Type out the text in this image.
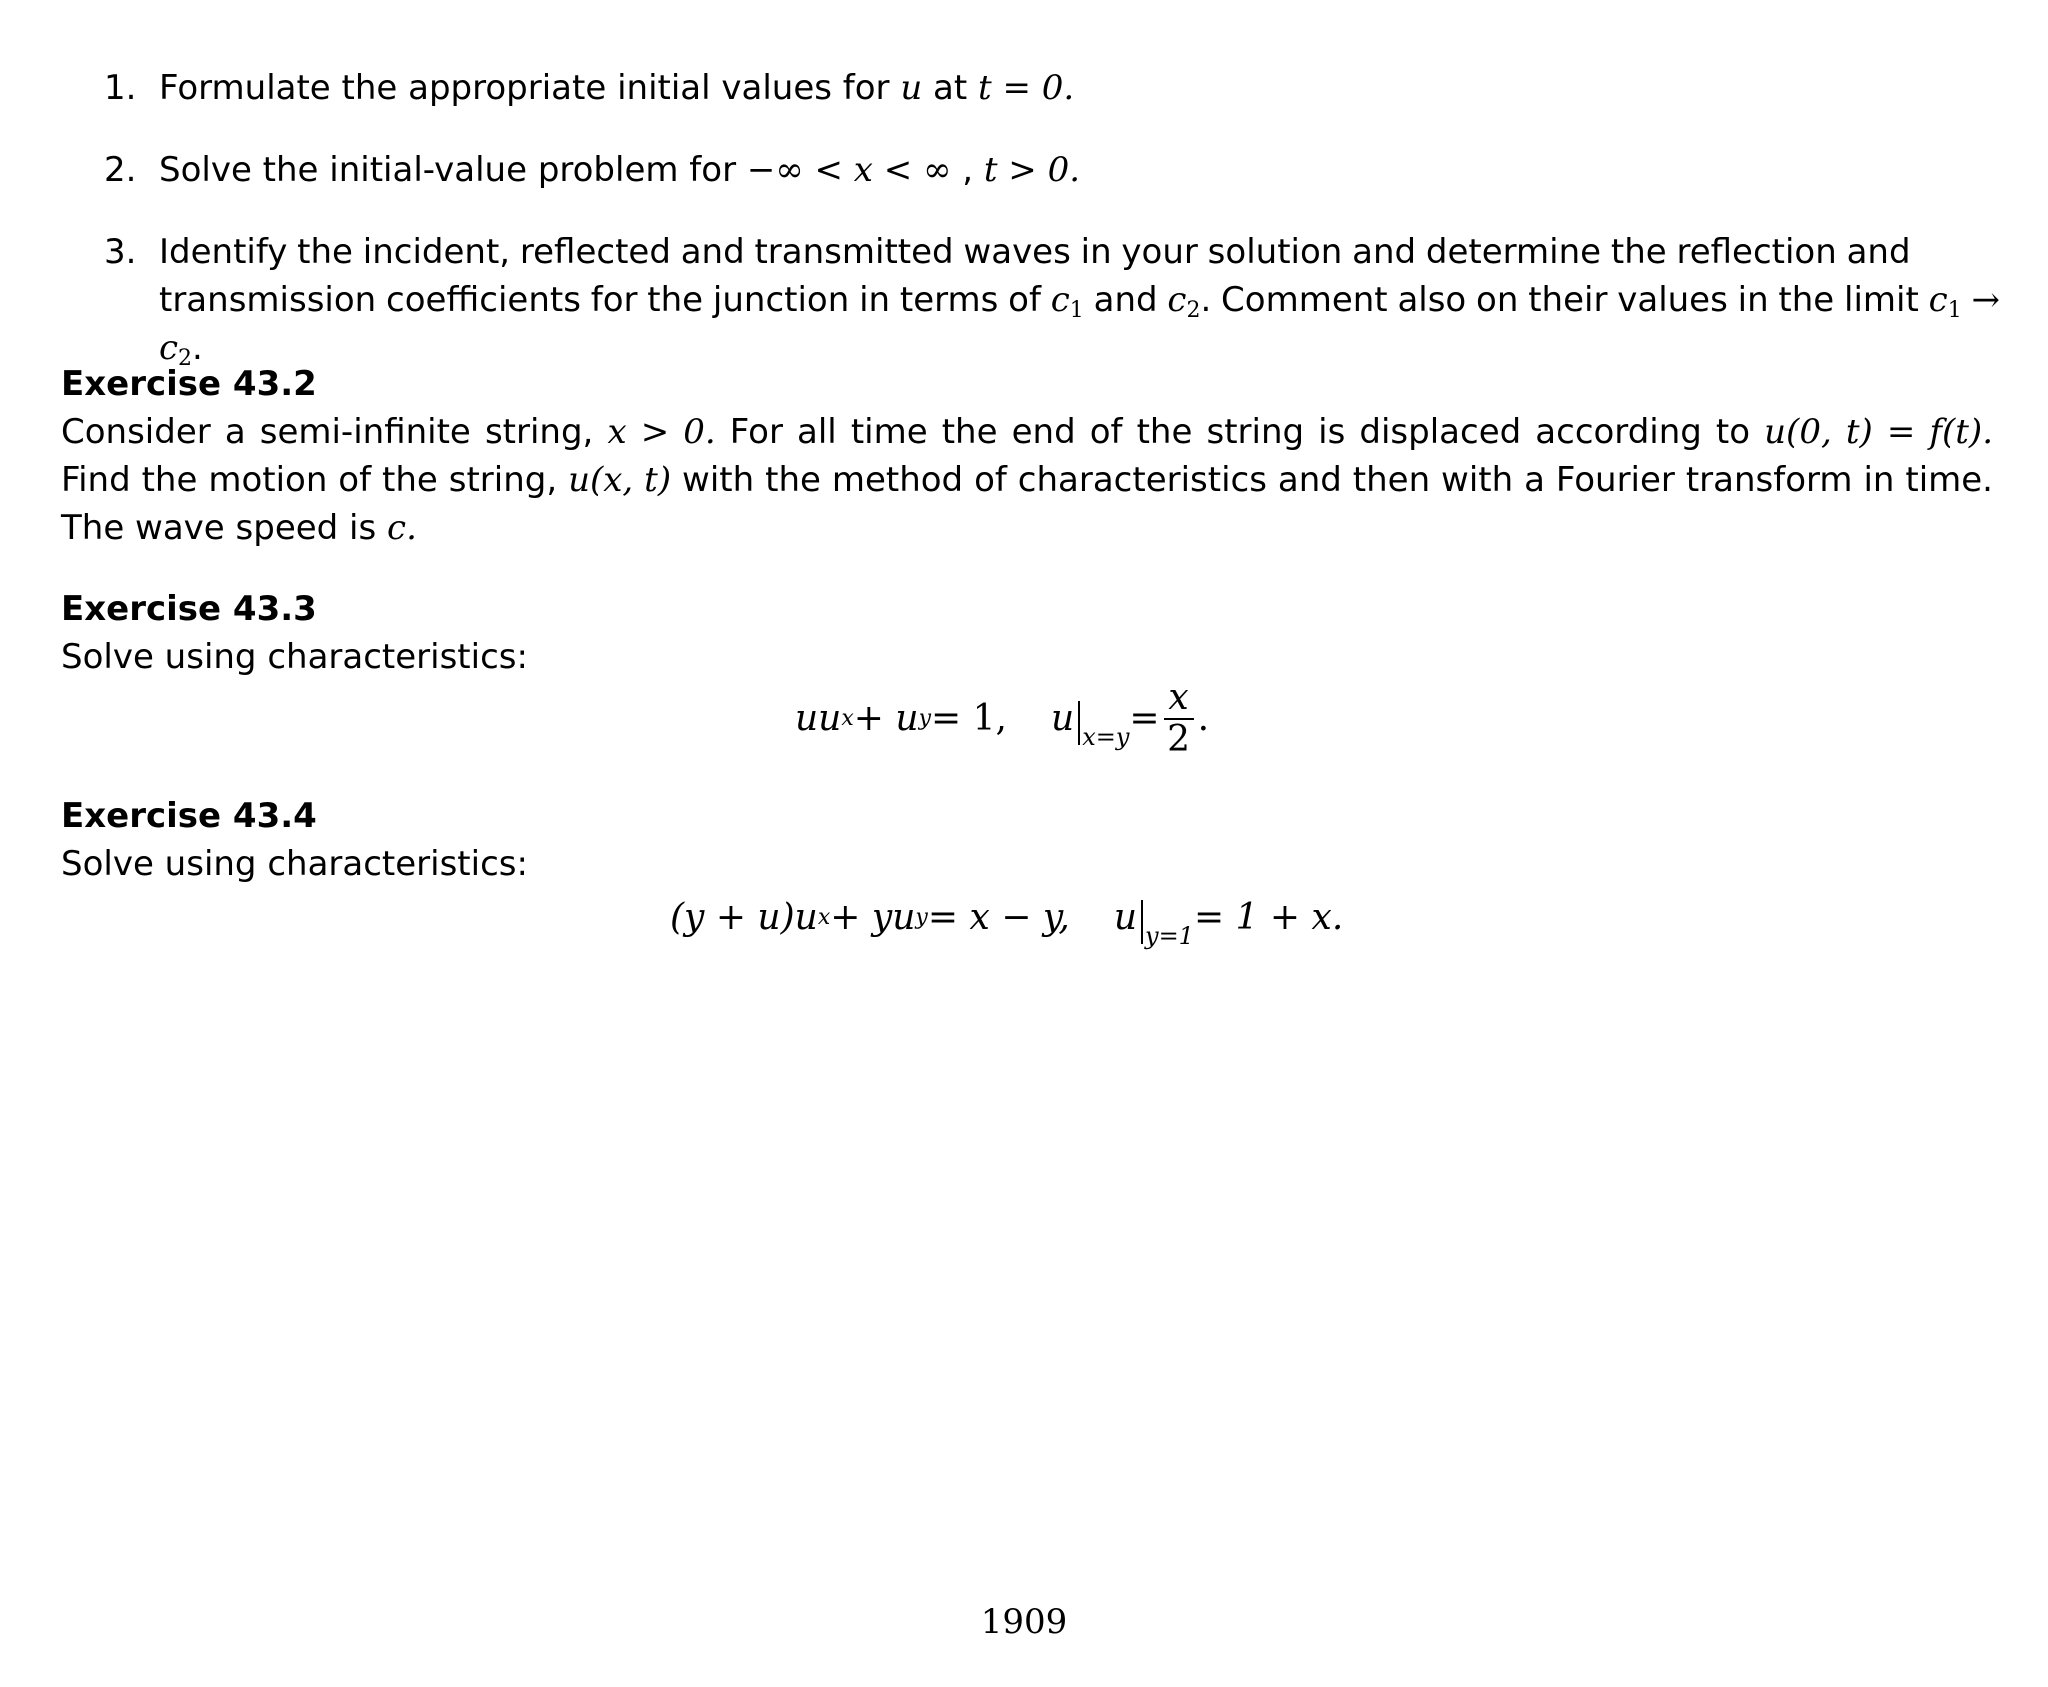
1. Formulate the appropriate initial values for u at t = 0.
2. Solve the initial-value problem for −∞ < x < ∞ , t > 0.
3. Identify the incident, reflected and transmitted waves in your solution and determine the reflection and transmission coefficients for the junction in terms of $c_1$ and $c_2$. Comment also on their values in the limit $c_1 \to c_2$.
Exercise 43.2
Consider a semi-infinite string, x > 0. For all time the end of the string is displaced according to u(0, t) = f(t). Find the motion of the string, u(x, t) with the method of characteristics and then with a Fourier transform in time. The wave speed is c.
Exercise 43.3
Solve using characteristics:
uu x + u y = 1, u $x=y = \frac{x}{2}$ .
Exercise 43.4
Solve using characteristics:
(y + u)u x + yu y = x − y, u y=1 = 1 + x.
1909
